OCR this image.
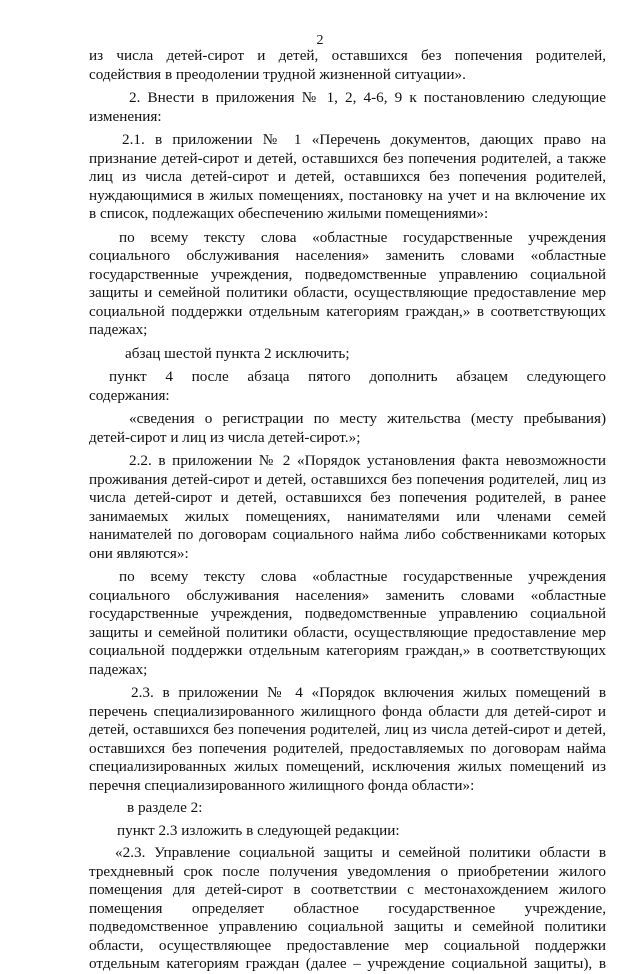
2
из числа детей-сирот и детей, оставшихся без попечения родителей,
содействия в преодолении трудной жизненной ситуации».
2. Внести в приложения № 1, 2, 4-6, 9 к постановлению следующие
изменения:
2.1. в приложении № 1 «Перечень документов, дающих право на
признание детей-сирот и детей, оставшихся без попечения родителей, а также
лиц из числа детей-сирот и детей, оставшихся без попечения родителей,
нуждающимися в жилых помещениях, постановку на учет и на включение их
в список, подлежащих обеспечению жилыми помещениями»:
по всему тексту слова «областные государственные учреждения
социального обслуживания населения» заменить словами «областные
государственные учреждения, подведомственные управлению социальной
защиты и семейной политики области, осуществляющие предоставление мер
социальной поддержки отдельным категориям граждан,» в соответствующих
падежах;
абзац шестой пункта 2 исключить;
пункт 4 после абзаца пятого дополнить абзацем следующего
содержания:
«сведения о регистрации по месту жительства (месту пребывания)
детей-сирот и лиц из числа детей-сирот.»;
2.2. в приложении № 2 «Порядок установления факта невозможности
проживания детей-сирот и детей, оставшихся без попечения родителей, лиц из
числа детей-сирот и детей, оставшихся без попечения родителей, в ранее
занимаемых жилых помещениях, нанимателями или членами семей
нанимателей по договорам социального найма либо собственниками которых
они являются»:
по всему тексту слова «областные государственные учреждения
социального обслуживания населения» заменить словами «областные
государственные учреждения, подведомственные управлению социальной
защиты и семейной политики области, осуществляющие предоставление мер
социальной поддержки отдельным категориям граждан,» в соответствующих
падежах;
2.3. в приложении № 4 «Порядок включения жилых помещений в
перечень специализированного жилищного фонда области для детей-сирот и
детей, оставшихся без попечения родителей, лиц из числа детей-сирот и детей,
оставшихся без попечения родителей, предоставляемых по договорам найма
специализированных жилых помещений, исключения жилых помещений из
перечня специализированного жилищного фонда области»:
в разделе 2:
пункт 2.3 изложить в следующей редакции:
«2.3. Управление социальной защиты и семейной политики области в
трехдневный срок после получения уведомления о приобретении жилого
помещения для детей-сирот в соответствии с местонахождением жилого
помещения определяет областное государственное учреждение,
подведомственное управлению социальной защиты и семейной политики
области, осуществляющее предоставление мер социальной поддержки
отдельным категориям граждан (далее – учреждение социальной защиты), в
